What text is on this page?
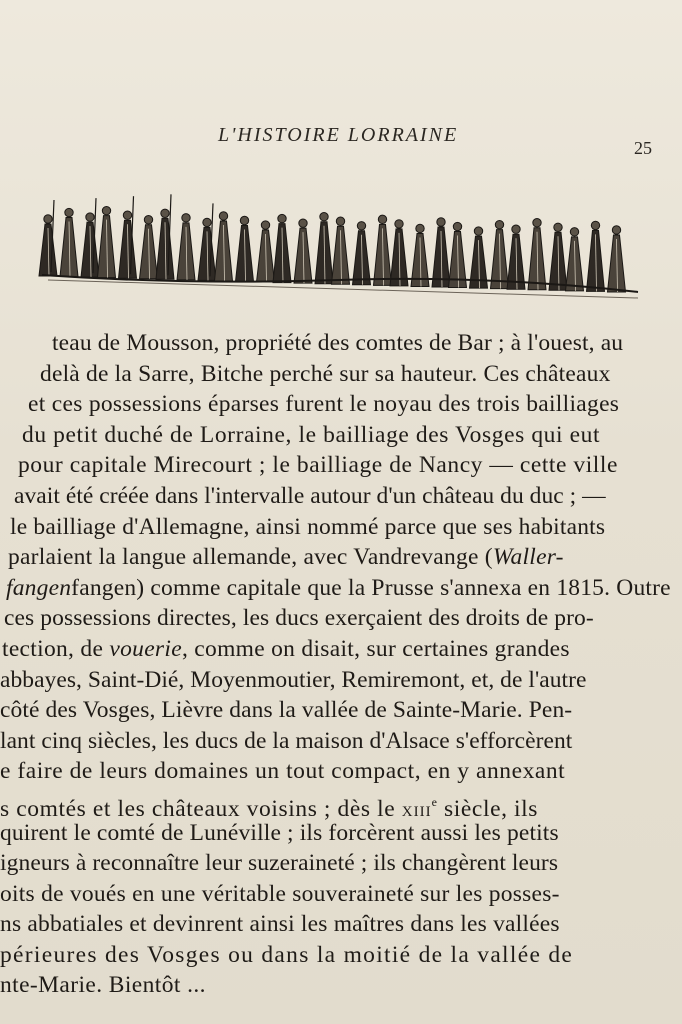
L'HISTOIRE LORRAINE
25
teau de Mousson, propriété des comtes de Bar ; à l'ouest, au
delà de la Sarre, Bitche perché sur sa hauteur. Ces châteaux
et ces possessions éparses furent le noyau des trois bailliages
du petit duché de Lorraine, le bailliage des Vosges qui eut
pour capitale Mirecourt ; le bailliage de Nancy — cette ville
avait été créée dans l'intervalle autour d'un château du duc ; —
le bailliage d'Allemagne, ainsi nommé parce que ses habitants
parlaient la langue allemande, avec Vandrevange (Waller-
fangenfangen) comme capitale que la Prusse s'annexa en 1815. Outre
ces possessions directes, les ducs exerçaient des droits de pro-
tection, de vouerie, comme on disait, sur certaines grandes
abbayes, Saint-Dié, Moyenmoutier, Remiremont, et, de l'autre
côté des Vosges, Lièvre dans la vallée de Sainte-Marie. Pen-
lant cinq siècles, les ducs de la maison d'Alsace s'efforcèrent
e faire de leurs domaines un tout compact, en y annexant
s comtés et les châteaux voisins ; dès le XIIIe siècle, ils
quirent le comté de Lunéville ; ils forcèrent aussi les petits
igneurs à reconnaître leur suzeraineté ; ils changèrent leurs
oits de voués en une véritable souveraineté sur les posses-
ns abbatiales et devinrent ainsi les maîtres dans les vallées
périeures des Vosges ou dans la moitié de la vallée de
nte-Marie. Bientôt ...
